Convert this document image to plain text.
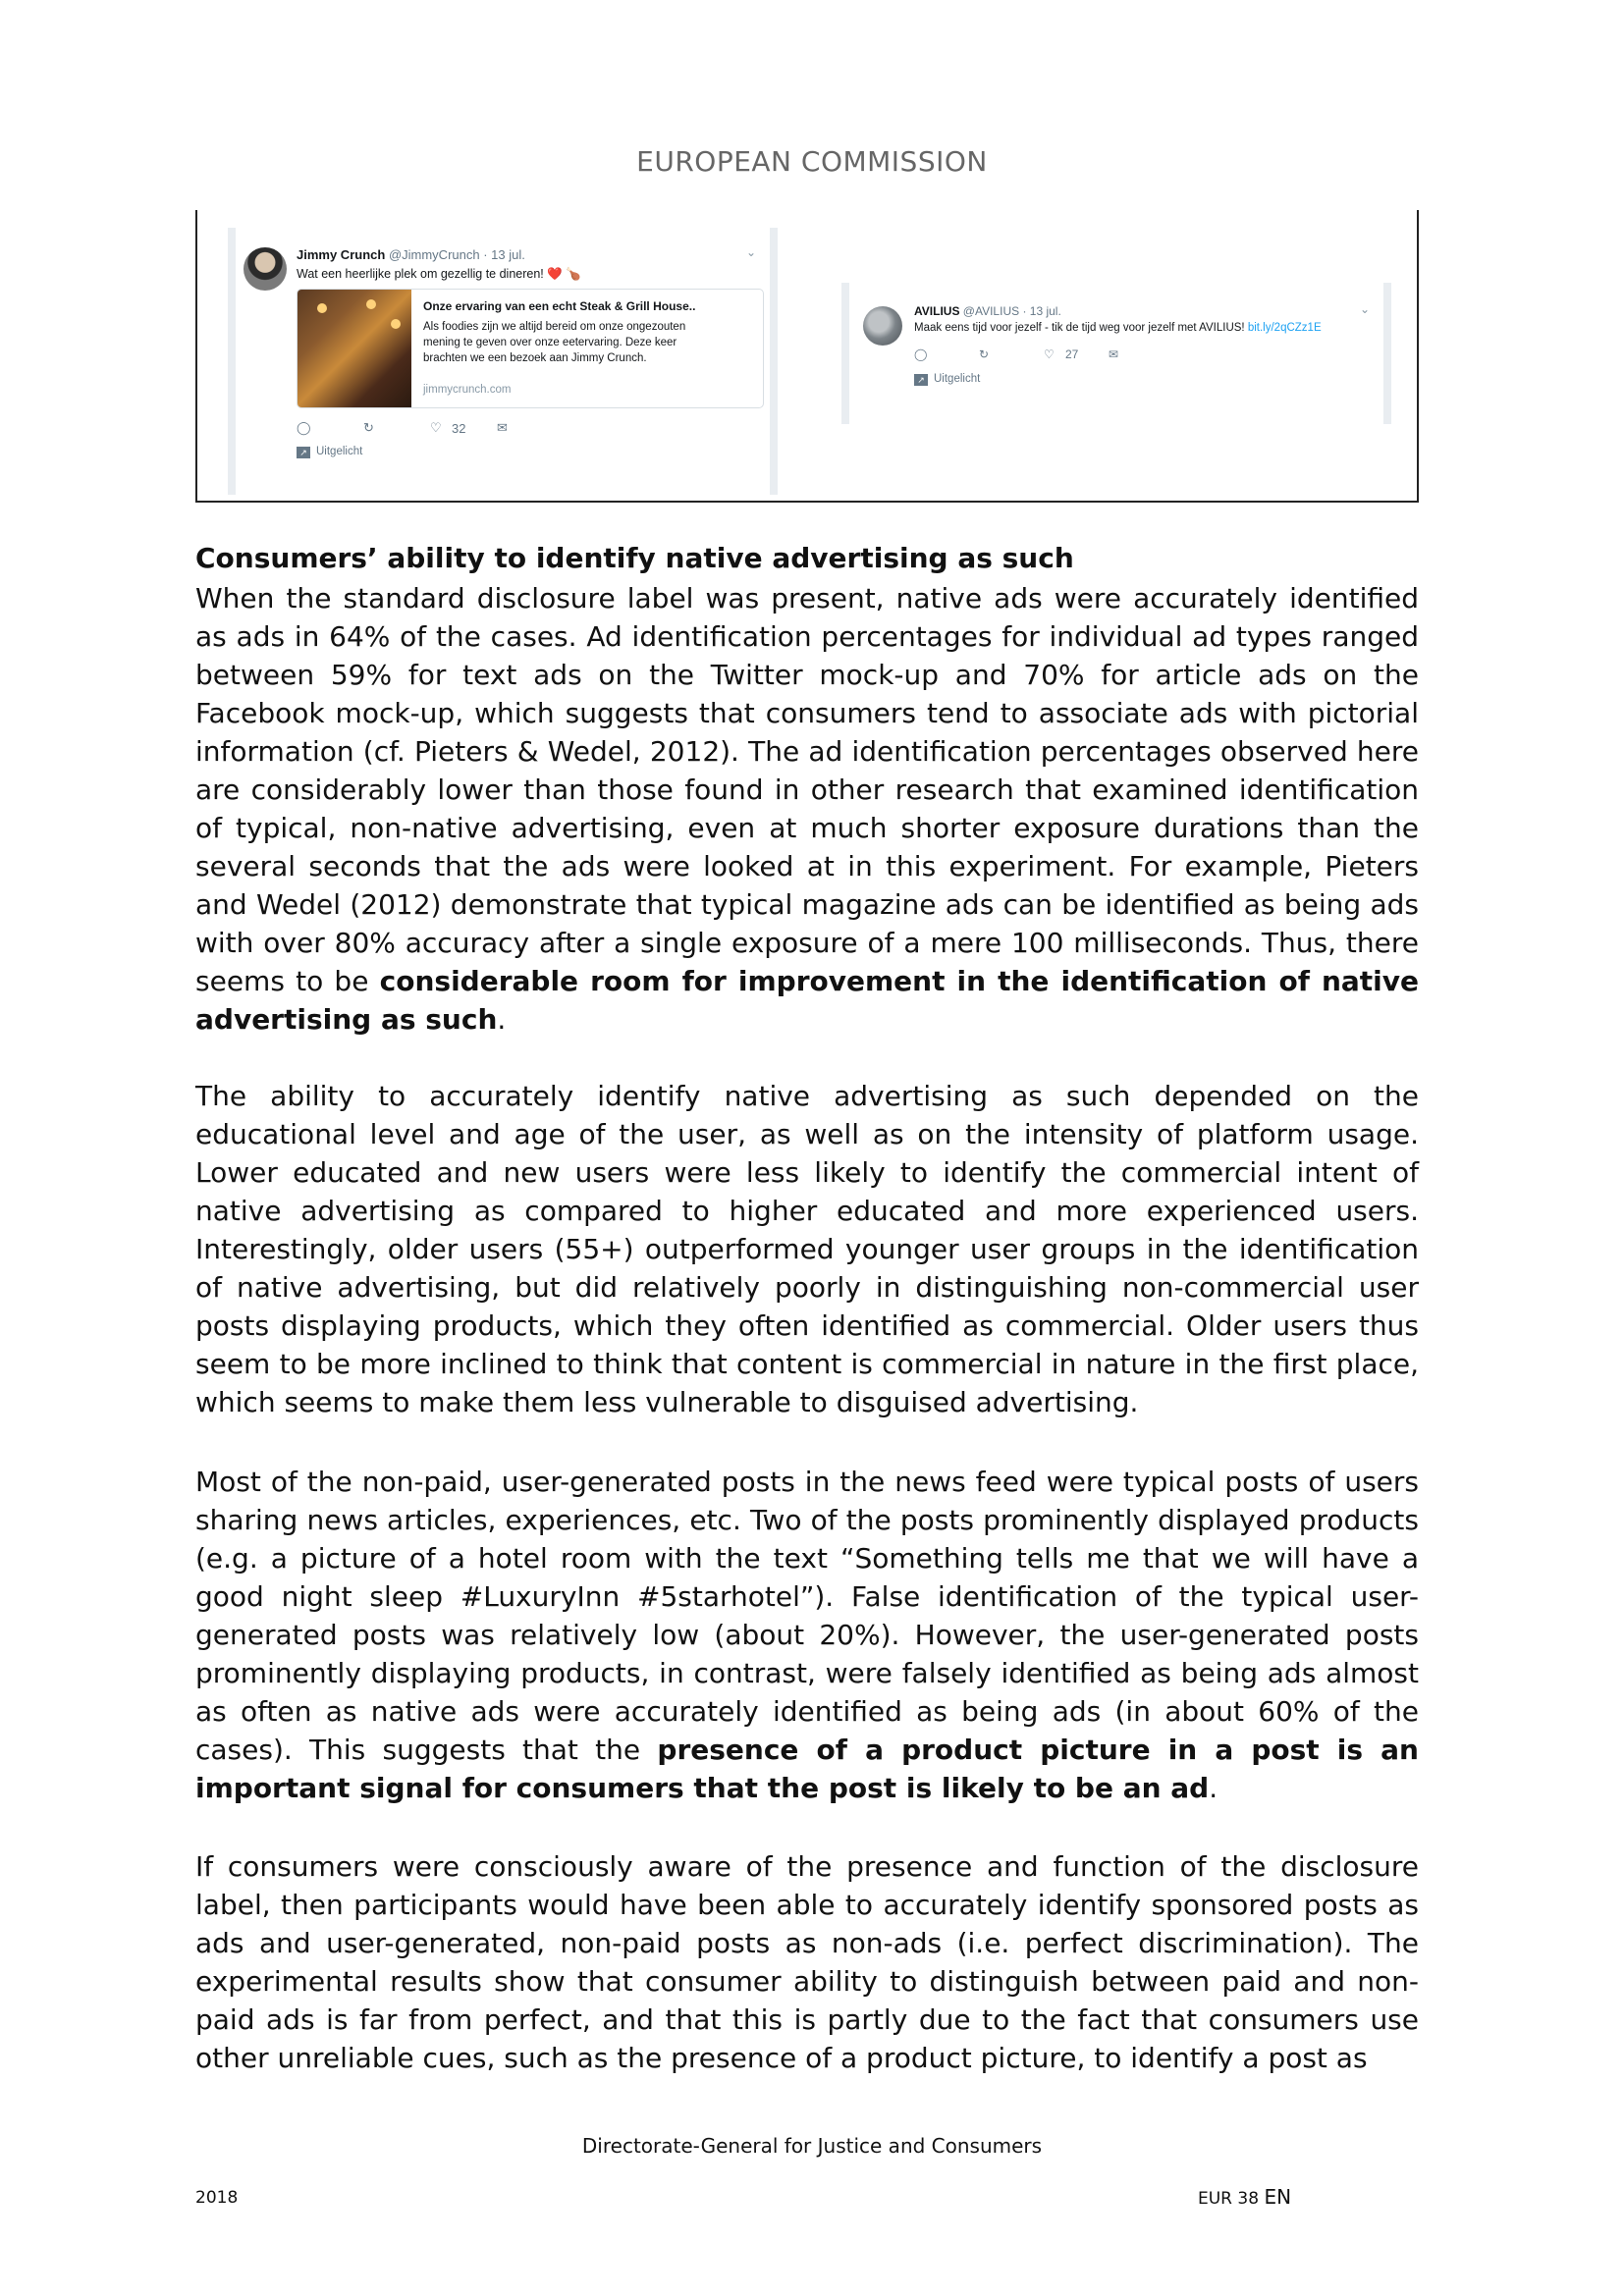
EUROPEAN COMMISSION
Jimmy Crunch @JimmyCrunch · 13 jul.	⌄
Wat een heerlijke plek om gezellig te dineren! ❤️ 🍗
Onze ervaring van een echt Steak & Grill House..
Als foodies zijn we altijd bereid om onze ongezouten
mening te geven over onze eetervaring. Deze keer
brachten we een bezoek aan Jimmy Crunch.
jimmycrunch.com
◯	↻	♡ 32	✉
↗ Uitgelicht
AVILIUS @AVILIUS · 13 jul.	⌄
Maak eens tijd voor jezelf - tik de tijd weg voor jezelf met AVILIUS! bit.ly/2qCZz1E
◯	↻	♡ 27	✉
↗ Uitgelicht
Consumers’ ability to identify native advertising as such
When the standard disclosure label was present, native ads were accurately identified as ads in 64% of the cases. Ad identification percentages for individual ad types ranged between 59% for text ads on the Twitter mock-up and 70% for article ads on the Facebook mock-up, which suggests that consumers tend to associate ads with pictorial information (cf. Pieters & Wedel, 2012). The ad identification percentages observed here are considerably lower than those found in other research that examined identification of typical, non-native advertising, even at much shorter exposure durations than the several seconds that the ads were looked at in this experiment. For example, Pieters and Wedel (2012) demonstrate that typical magazine ads can be identified as being ads with over 80% accuracy after a single exposure of a mere 100 milliseconds. Thus, there seems to be considerable room for improvement in the identification of native advertising as such.
The ability to accurately identify native advertising as such depended on the educational level and age of the user, as well as on the intensity of platform usage. Lower educated and new users were less likely to identify the commercial intent of native advertising as compared to higher educated and more experienced users. Interestingly, older users (55+) outperformed younger user groups in the identification of native advertising, but did relatively poorly in distinguishing non-commercial user posts displaying products, which they often identified as commercial. Older users thus seem to be more inclined to think that content is commercial in nature in the first place, which seems to make them less vulnerable to disguised advertising.
Most of the non-paid, user-generated posts in the news feed were typical posts of users sharing news articles, experiences, etc. Two of the posts prominently displayed products (e.g. a picture of a hotel room with the text “Something tells me that we will have a good night sleep #LuxuryInn #5starhotel”). False identification of the typical user-generated posts was relatively low (about 20%). However, the user-generated posts prominently displaying products, in contrast, were falsely identified as being ads almost as often as native ads were accurately identified as being ads (in about 60% of the cases). This suggests that the presence of a product picture in a post is an important signal for consumers that the post is likely to be an ad.
If consumers were consciously aware of the presence and function of the disclosure label, then participants would have been able to accurately identify sponsored posts as ads and user-generated, non-paid posts as non-ads (i.e. perfect discrimination). The experimental results show that consumer ability to distinguish between paid and non-paid ads is far from perfect, and that this is partly due to the fact that consumers use other unreliable cues, such as the presence of a product picture, to identify a post as
Directorate-General for Justice and Consumers
2018	EUR 38 EN
